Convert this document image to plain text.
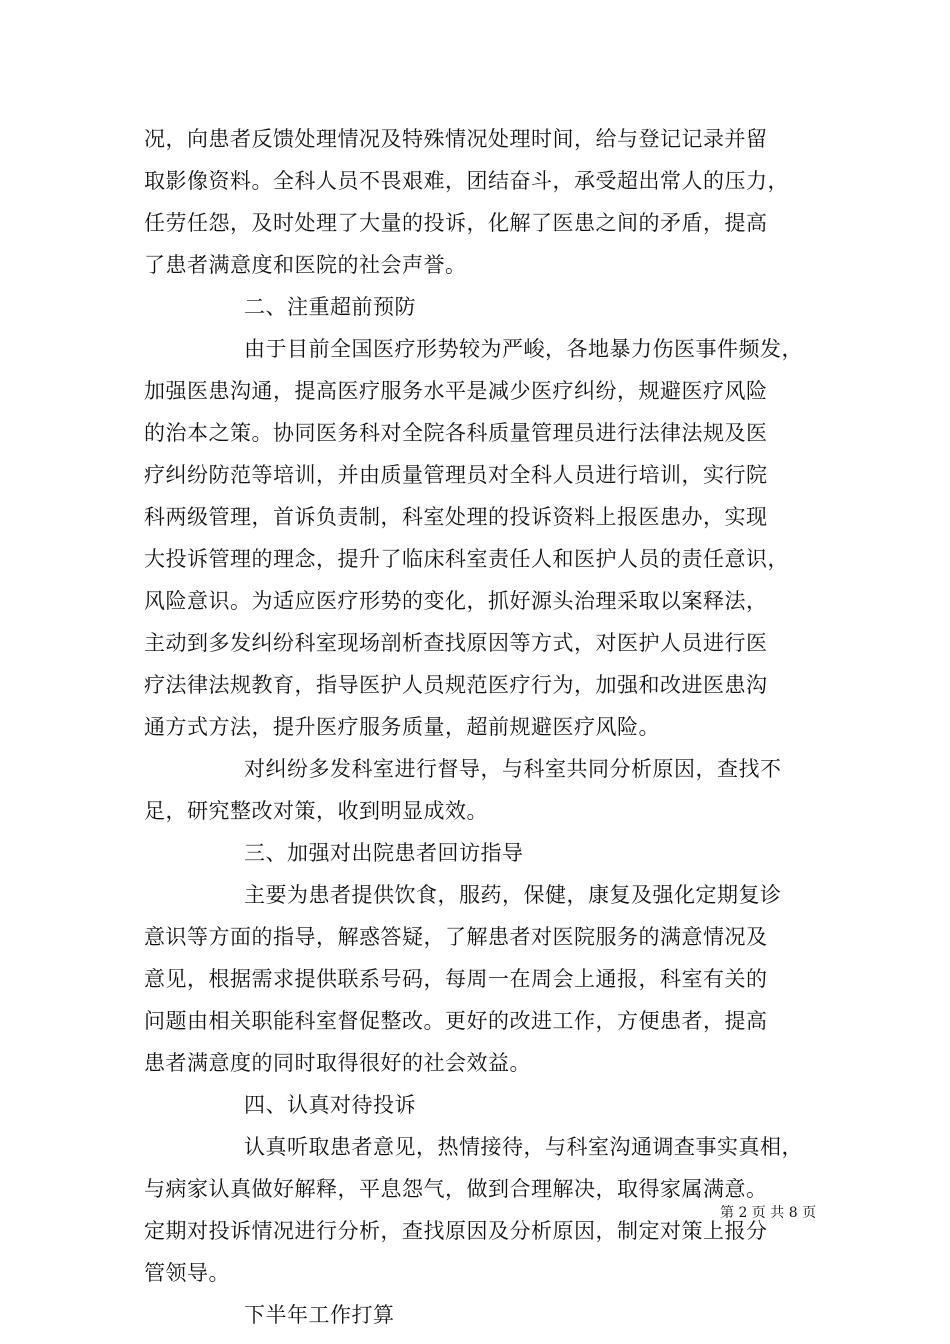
况，向患者反馈处理情况及特殊情况处理时间，给与登记记录并留
取影像资料。全科人员不畏艰难，团结奋斗，承受超出常人的压力，
任劳任怨，及时处理了大量的投诉，化解了医患之间的矛盾，提高
了患者满意度和医院的社会声誉。
二、注重超前预防
由于目前全国医疗形势较为严峻，各地暴力伤医事件频发，
加强医患沟通，提高医疗服务水平是减少医疗纠纷，规避医疗风险
的治本之策。协同医务科对全院各科质量管理员进行法律法规及医
疗纠纷防范等培训，并由质量管理员对全科人员进行培训，实行院
科两级管理，首诉负责制，科室处理的投诉资料上报医患办，实现
大投诉管理的理念，提升了临床科室责任人和医护人员的责任意识，
风险意识。为适应医疗形势的变化，抓好源头治理采取以案释法，
主动到多发纠纷科室现场剖析查找原因等方式，对医护人员进行医
疗法律法规教育，指导医护人员规范医疗行为，加强和改进医患沟
通方式方法，提升医疗服务质量，超前规避医疗风险。
对纠纷多发科室进行督导，与科室共同分析原因，查找不
足，研究整改对策，收到明显成效。
三、加强对出院患者回访指导
主要为患者提供饮食，服药，保健，康复及强化定期复诊
意识等方面的指导，解惑答疑，了解患者对医院服务的满意情况及
意见，根据需求提供联系号码，每周一在周会上通报，科室有关的
问题由相关职能科室督促整改。更好的改进工作，方便患者，提高
患者满意度的同时取得很好的社会效益。
四、认真对待投诉
认真听取患者意见，热情接待，与科室沟通调查事实真相，
与病家认真做好解释，平息怨气，做到合理解决，取得家属满意。
定期对投诉情况进行分析，查找原因及分析原因，制定对策上报分
管领导。
下半年工作打算
第 2 页 共 8 页
